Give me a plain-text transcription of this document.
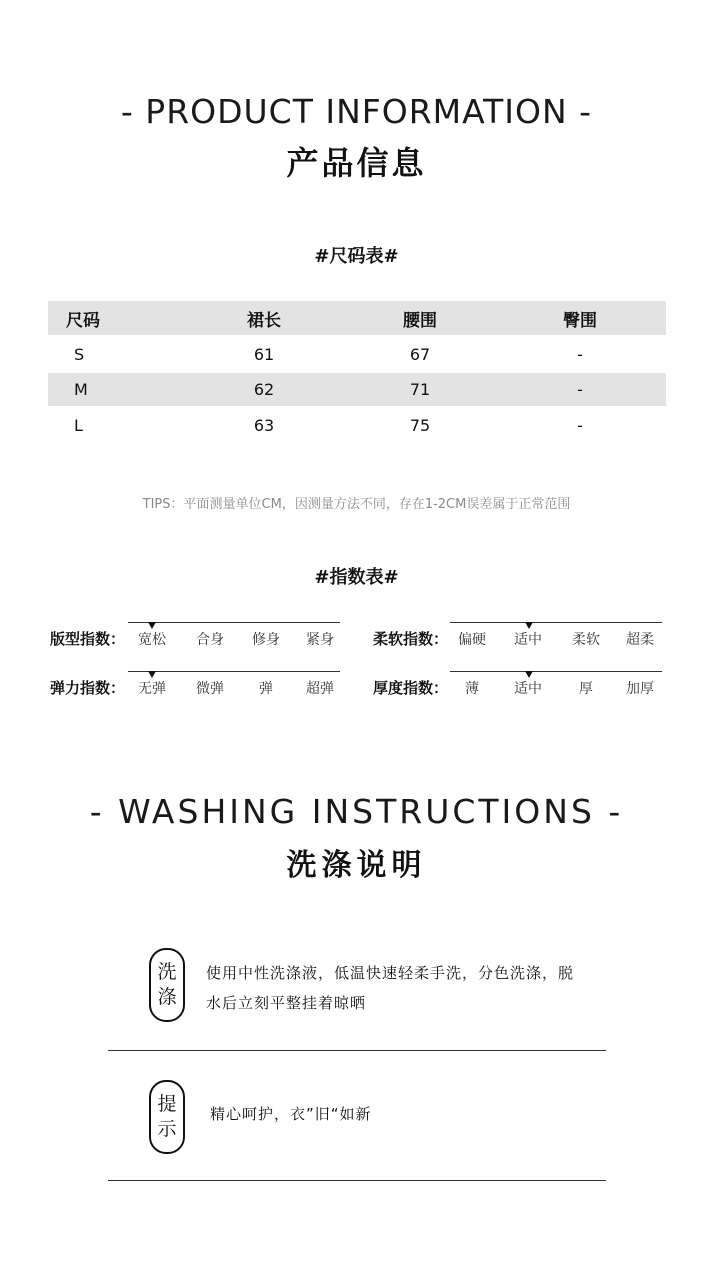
- PRODUCT INFORMATION -
产品信息
#尺码表#
尺码	裙长	腰围	臀围
S	61	67	-
M	62	71	-
L	63	75	-
TIPS：平面测量单位CM，因测量方法不同，存在1-2CM误差属于正常范围
#指数表#
版型指数： 宽松	合身	修身	紧身	柔软指数： 偏硬	适中	柔软	超柔
弹力指数： 无弹	微弹	弹	超弹	厚度指数：	薄	适中	厚	加厚
- WASHING INSTRUCTIONS -
洗涤说明
洗
涤
使用中性洗涤液，低温快速轻柔手洗，分色洗涤，脱
水后立刻平整挂着晾晒
提
示
精心呵护，衣”旧“如新
